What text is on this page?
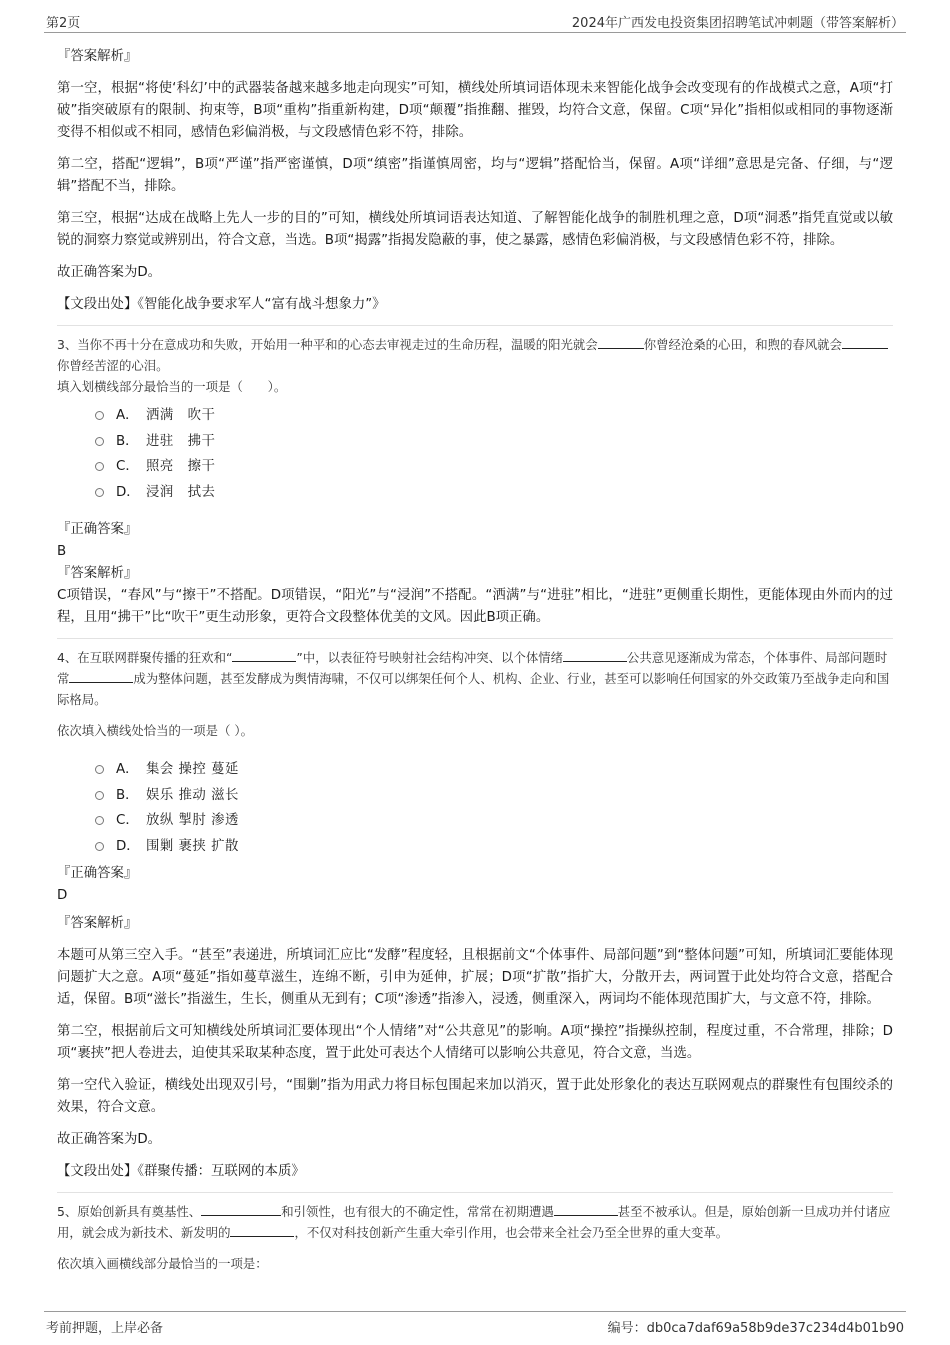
第2页	2024年广西发电投资集团招聘笔试冲刺题（带答案解析）

『答案解析』

第一空，根据“将使‘科幻’中的武器装备越来越多地走向现实”可知，横线处所填词语体现未来智能化战争会改变现有的作战模式之意，A项“打破”指突破原有的限制、拘束等，B项“重构”指重新构建，D项“颠覆”指推翻、摧毁，均符合文意，保留。C项“异化”指相似或相同的事物逐渐变得不相似或不相同，感情色彩偏消极，与文段感情色彩不符，排除。

第二空，搭配“逻辑”，B项“严谨”指严密谨慎，D项“缜密”指谨慎周密，均与“逻辑”搭配恰当，保留。A项“详细”意思是完备、仔细，与“逻辑”搭配不当，排除。

第三空，根据“达成在战略上先人一步的目的”可知，横线处所填词语表达知道、了解智能化战争的制胜机理之意，D项“洞悉”指凭直觉或以敏锐的洞察力察觉或辨别出，符合文意，当选。B项“揭露”指揭发隐蔽的事，使之暴露，感情色彩偏消极，与文段感情色彩不符，排除。

故正确答案为D。

【文段出处】《智能化战争要求军人“富有战斗想象力”》

3、当你不再十分在意成功和失败，开始用一种平和的心态去审视走过的生命历程，温暖的阳光就会	你曾经沧桑的心田，和煦的春风就会你曾经苦涩的心泪。

填入划横线部分最恰当的一项是（　　）。

A． 洒满　吹干
B． 进驻　拂干
C． 照亮　擦干
D． 浸润　拭去

『正确答案』

B

『答案解析』

C项错误，“春风”与“擦干”不搭配。D项错误，“阳光”与“浸润”不搭配。“洒满”与“进驻”相比，“进驻”更侧重长期性，更能体现由外而内的过程，且用“拂干”比“吹干”更生动形象，更符合文段整体优美的文风。因此B项正确。

4、在互联网群聚传播的狂欢和“	”中，以表征符号映射社会结构冲突、以个体情绪	公共意见逐渐成为常态，个体事件、局部问题时常	成为整体问题，甚至发酵成为舆情海啸，不仅可以绑架任何个人、机构、企业、行业，甚至可以影响任何国家的外交政策乃至战争走向和国际格局。

依次填入横线处恰当的一项是（ ）。

A． 集会 操控 蔓延
B． 娱乐 推动 滋长
C． 放纵 掣肘 渗透
D． 围剿 裹挟 扩散

『正确答案』

D

『答案解析』

本题可从第三空入手。“甚至”表递进，所填词汇应比“发酵”程度轻，且根据前文“个体事件、局部问题”到“整体问题”可知，所填词汇要能体现问题扩大之意。A项“蔓延”指如蔓草滋生，连绵不断，引申为延伸，扩展；D项“扩散”指扩大，分散开去，两词置于此处均符合文意，搭配合适，保留。B项“滋长”指滋生，生长，侧重从无到有；C项“渗透”指渗入，浸透，侧重深入，两词均不能体现范围扩大，与文意不符，排除。

第二空，根据前后文可知横线处所填词汇要体现出“个人情绪”对“公共意见”的影响。A项“操控”指操纵控制，程度过重，不合常理，排除；D项“裹挟”把人卷进去，迫使其采取某种态度，置于此处可表达个人情绪可以影响公共意见，符合文意，当选。

第一空代入验证，横线处出现双引号，“围剿”指为用武力将目标包围起来加以消灭，置于此处形象化的表达互联网观点的群聚性有包围绞杀的效果，符合文意。

故正确答案为D。

【文段出处】《群聚传播：互联网的本质》

5、原始创新具有奠基性、	和引领性，也有很大的不确定性，常常在初期遭遇	甚至不被承认。但是，原始创新一旦成功并付诸应用，就会成为新技术、新发明的	，不仅对科技创新产生重大牵引作用，也会带来全社会乃至全世界的重大变革。

依次填入画横线部分最恰当的一项是：

考前押题，上岸必备	编号：db0ca7daf69a58b9de37c234d4b01b90
